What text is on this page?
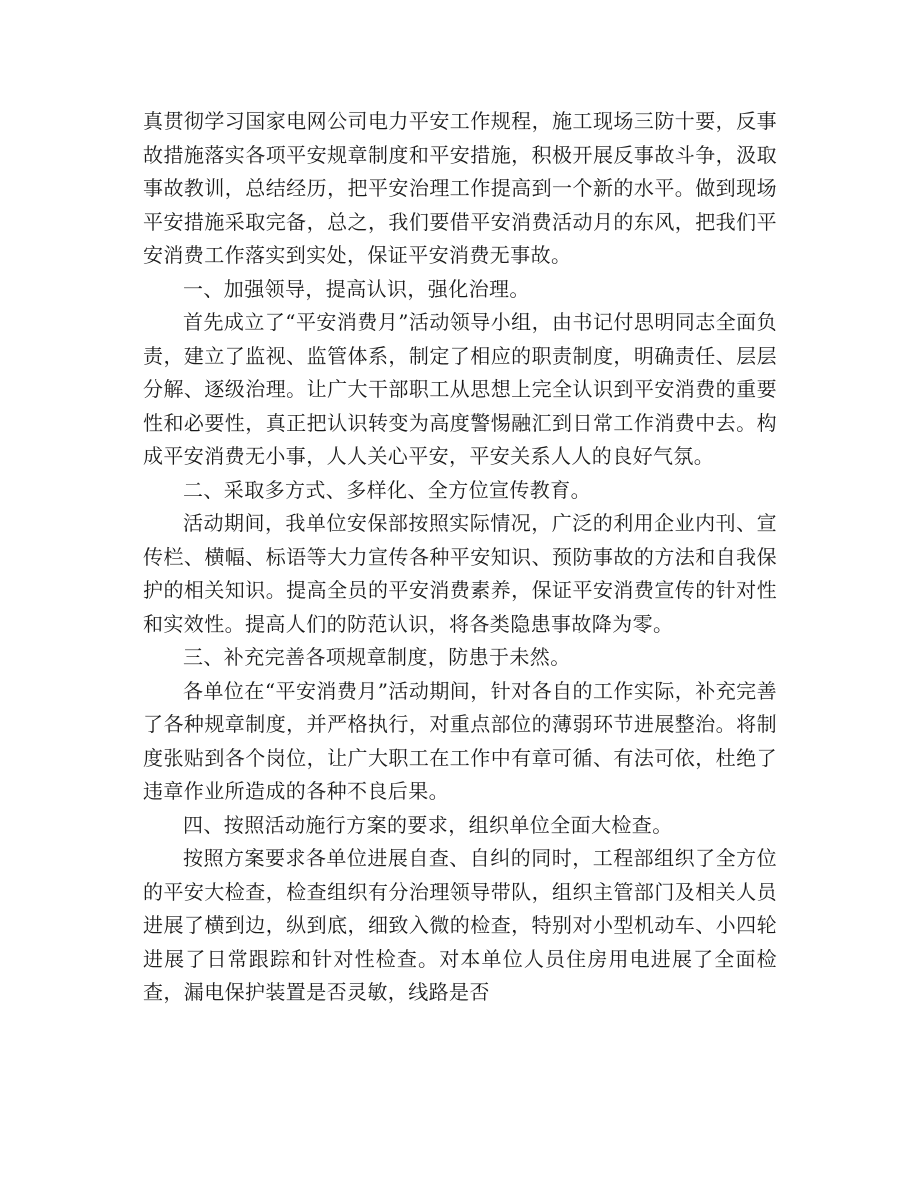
真贯彻学习国家电网公司电力平安工作规程，施工现场三防十要，反事故措施落实各项平安规章制度和平安措施，积极开展反事故斗争，汲取事故教训，总结经历，把平安治理工作提高到一个新的水平。做到现场平安措施采取完备，总之，我们要借平安消费活动月的东风，把我们平安消费工作落实到实处，保证平安消费无事故。

一、加强领导，提高认识，强化治理。

首先成立了“平安消费月”活动领导小组，由书记付思明同志全面负责，建立了监视、监管体系，制定了相应的职责制度，明确责任、层层分解、逐级治理。让广大干部职工从思想上完全认识到平安消费的重要性和必要性，真正把认识转变为高度警惕融汇到日常工作消费中去。构成平安消费无小事，人人关心平安，平安关系人人的良好气氛。

二、采取多方式、多样化、全方位宣传教育。

活动期间，我单位安保部按照实际情况，广泛的利用企业内刊、宣传栏、横幅、标语等大力宣传各种平安知识、预防事故的方法和自我保护的相关知识。提高全员的平安消费素养，保证平安消费宣传的针对性和实效性。提高人们的防范认识，将各类隐患事故降为零。

三、补充完善各项规章制度，防患于未然。

各单位在“平安消费月”活动期间，针对各自的工作实际，补充完善了各种规章制度，并严格执行，对重点部位的薄弱环节进展整治。将制度张贴到各个岗位，让广大职工在工作中有章可循、有法可依，杜绝了违章作业所造成的各种不良后果。

四、按照活动施行方案的要求，组织单位全面大检查。

按照方案要求各单位进展自查、自纠的同时，工程部组织了全方位的平安大检查，检查组织有分治理领导带队，组织主管部门及相关人员进展了横到边，纵到底，细致入微的检查，特别对小型机动车、小四轮进展了日常跟踪和针对性检查。对本单位人员住房用电进展了全面检查，漏电保护装置是否灵敏，线路是否
